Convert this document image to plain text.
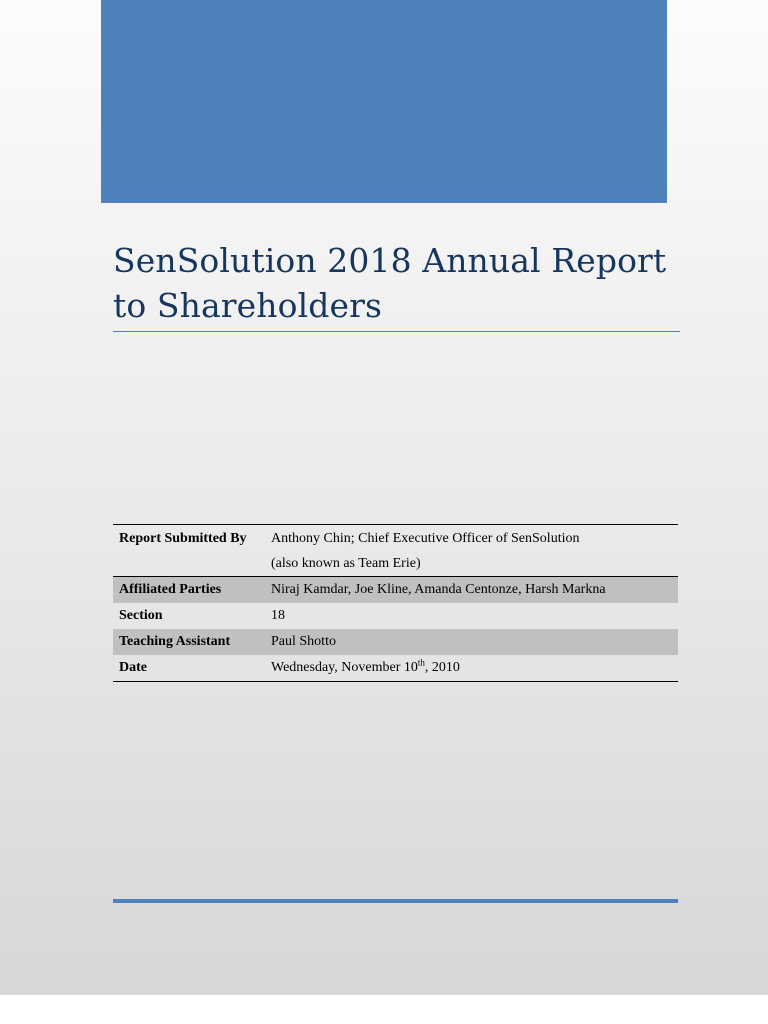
SenSolution 2018 Annual Report to Shareholders
Report Submitted By	Anthony Chin; Chief Executive Officer of SenSolution
(also known as Team Erie)

Affiliated Parties	Niraj Kamdar, Joe Kline, Amanda Centonze, Harsh Markna
Section	18
Teaching Assistant	Paul Shotto
Date	Wednesday, November 10th, 2010
